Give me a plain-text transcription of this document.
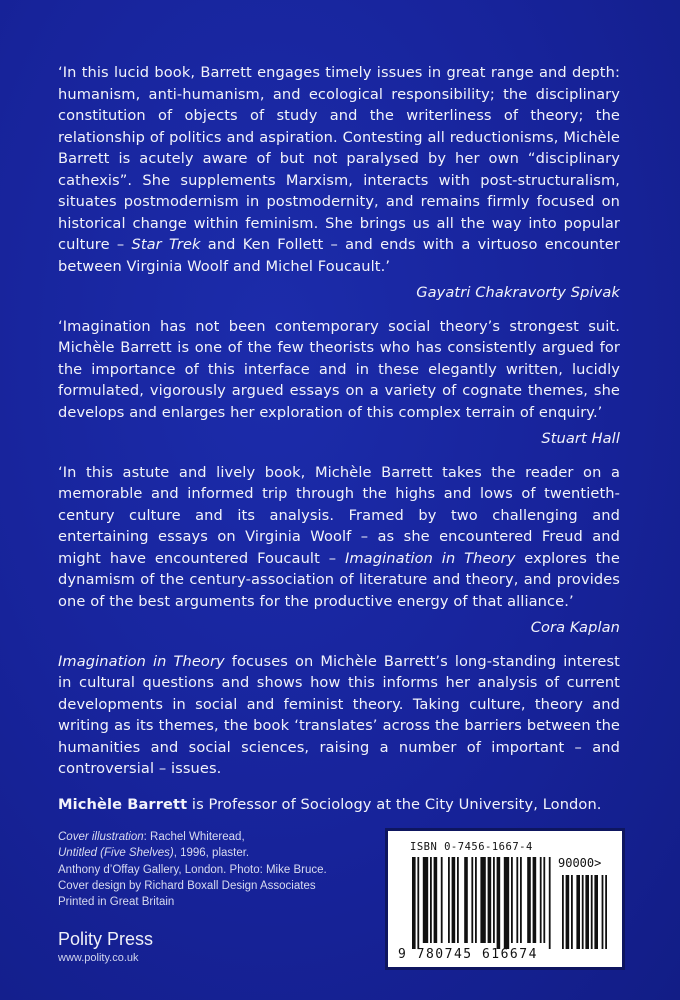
‘In this lucid book, Barrett engages timely issues in great range and depth: humanism, anti-humanism, and ecological responsibility; the disciplinary constitution of objects of study and the writerliness of theory; the relationship of politics and aspiration. Contesting all reductionisms, Michèle Barrett is acutely aware of but not paralysed by her own “disciplinary cathexis”. She supplements Marxism, interacts with post-structuralism, situates postmodernism in postmodernity, and remains firmly focused on historical change within feminism. She brings us all the way into popular culture – Star Trek and Ken Follett – and ends with a virtuoso encounter between Virginia Woolf and Michel Foucault.’

Gayatri Chakravorty Spivak

‘Imagination has not been contemporary social theory’s strongest suit. Michèle Barrett is one of the few theorists who has consistently argued for the importance of this interface and in these elegantly written, lucidly formulated, vigorously argued essays on a variety of cognate themes, she develops and enlarges her exploration of this complex terrain of enquiry.’

Stuart Hall

‘In this astute and lively book, Michèle Barrett takes the reader on a memorable and informed trip through the highs and lows of twentieth-century culture and its analysis. Framed by two challenging and entertaining essays on Virginia Woolf – as she encountered Freud and might have encountered Foucault – Imagination in Theory explores the dynamism of the century-association of literature and theory, and provides one of the best arguments for the productive energy of that alliance.’

Cora Kaplan

Imagination in Theory focuses on Michèle Barrett’s long-standing interest in cultural questions and shows how this informs her analysis of current developments in social and feminist theory. Taking culture, theory and writing as its themes, the book ‘translates’ across the barriers between the humanities and social sciences, raising a number of important – and controversial – issues.

Michèle Barrett is Professor of Sociology at the City University, London.

Cover illustration: Rachel Whiteread,
Untitled (Five Shelves), 1996, plaster.
Anthony d’Offay Gallery, London. Photo: Mike Bruce.
Cover design by Richard Boxall Design Associates
Printed in Great Britain
Polity Press
www.polity.co.uk
ISBN 0-7456-1667-4
90000>
9 780745 616674
